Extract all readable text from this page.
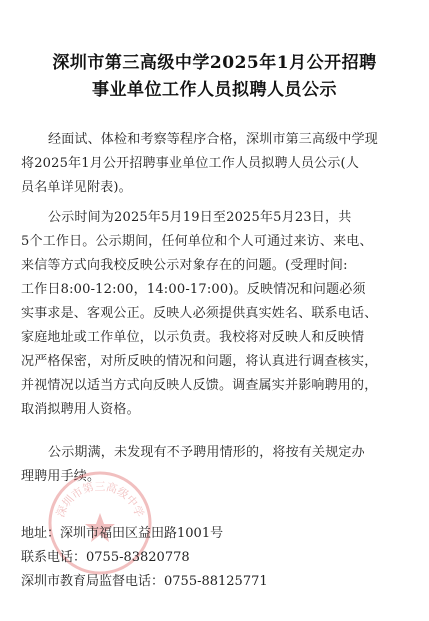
深圳市第三高级中学2025年1月公开招聘
事业单位工作人员拟聘人员公示
经面试、体检和考察等程序合格，深圳市第三高级中学现
将2025年1月公开招聘事业单位工作人员拟聘人员公示(人
员名单详见附表)。
公示时间为2025年5月19日至2025年5月23日，共
5个工作日。公示期间，任何单位和个人可通过来访、来电、
来信等方式向我校反映公示对象存在的问题。(受理时间:
工作日8:00-12:00，14:00-17:00)。反映情况和问题必须
实事求是、客观公正。反映人必须提供真实姓名、联系电话、
家庭地址或工作单位，以示负责。我校将对反映人和反映情
况严格保密，对所反映的情况和问题，将认真进行调查核实，
并视情况以适当方式向反映人反馈。调查属实并影响聘用的，
取消拟聘用人资格。
公示期满，未发现有不予聘用情形的，将按有关规定办
理聘用手续。
深圳市第三高级中学
地址：深圳市福田区益田路1001号
联系电话：0755-83820778
深圳市教育局监督电话：0755-88125771
